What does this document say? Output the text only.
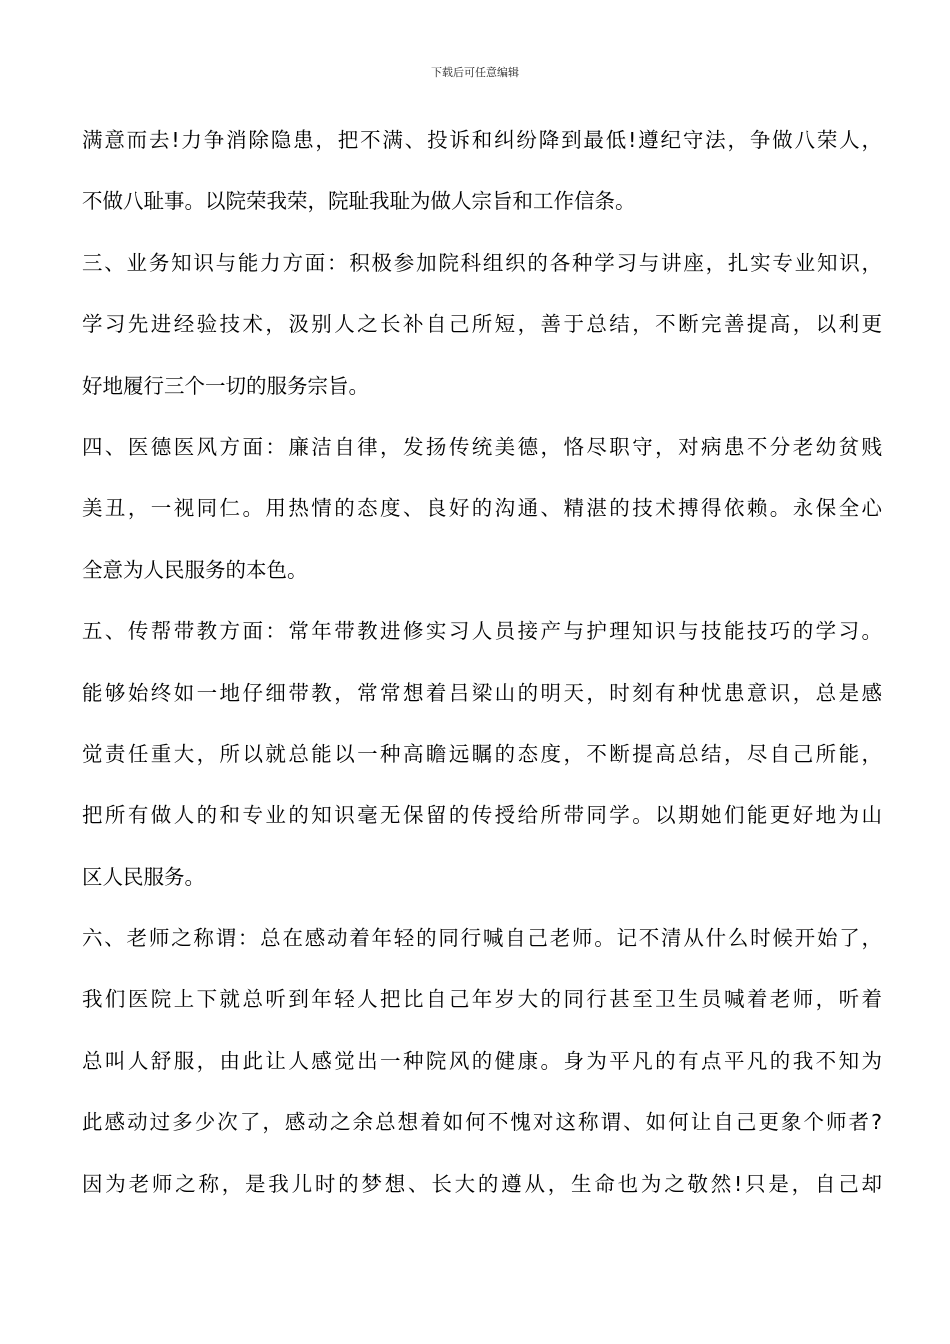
下载后可任意编辑
满意而去!力争消除隐患，把不满、投诉和纠纷降到最低!遵纪守法，争做八荣人，
不做八耻事。以院荣我荣，院耻我耻为做人宗旨和工作信条。
三、业务知识与能力方面：积极参加院科组织的各种学习与讲座，扎实专业知识，
学习先进经验技术，汲别人之长补自己所短，善于总结，不断完善提高，以利更
好地履行三个一切的服务宗旨。
四、医德医风方面：廉洁自律，发扬传统美德，恪尽职守，对病患不分老幼贫贱
美丑，一视同仁。用热情的态度、良好的沟通、精湛的技术搏得依赖。永保全心
全意为人民服务的本色。
五、传帮带教方面：常年带教进修实习人员接产与护理知识与技能技巧的学习。
能够始终如一地仔细带教，常常想着吕梁山的明天，时刻有种忧患意识，总是感
觉责任重大，所以就总能以一种高瞻远瞩的态度，不断提高总结，尽自己所能，
把所有做人的和专业的知识毫无保留的传授给所带同学。以期她们能更好地为山
区人民服务。
六、老师之称谓：总在感动着年轻的同行喊自己老师。记不清从什么时候开始了，
我们医院上下就总听到年轻人把比自己年岁大的同行甚至卫生员喊着老师，听着
总叫人舒服，由此让人感觉出一种院风的健康。身为平凡的有点平凡的我不知为
此感动过多少次了，感动之余总想着如何不愧对这称谓、如何让自己更象个师者?
因为老师之称，是我儿时的梦想、长大的遵从，生命也为之敬然!只是，自己却
